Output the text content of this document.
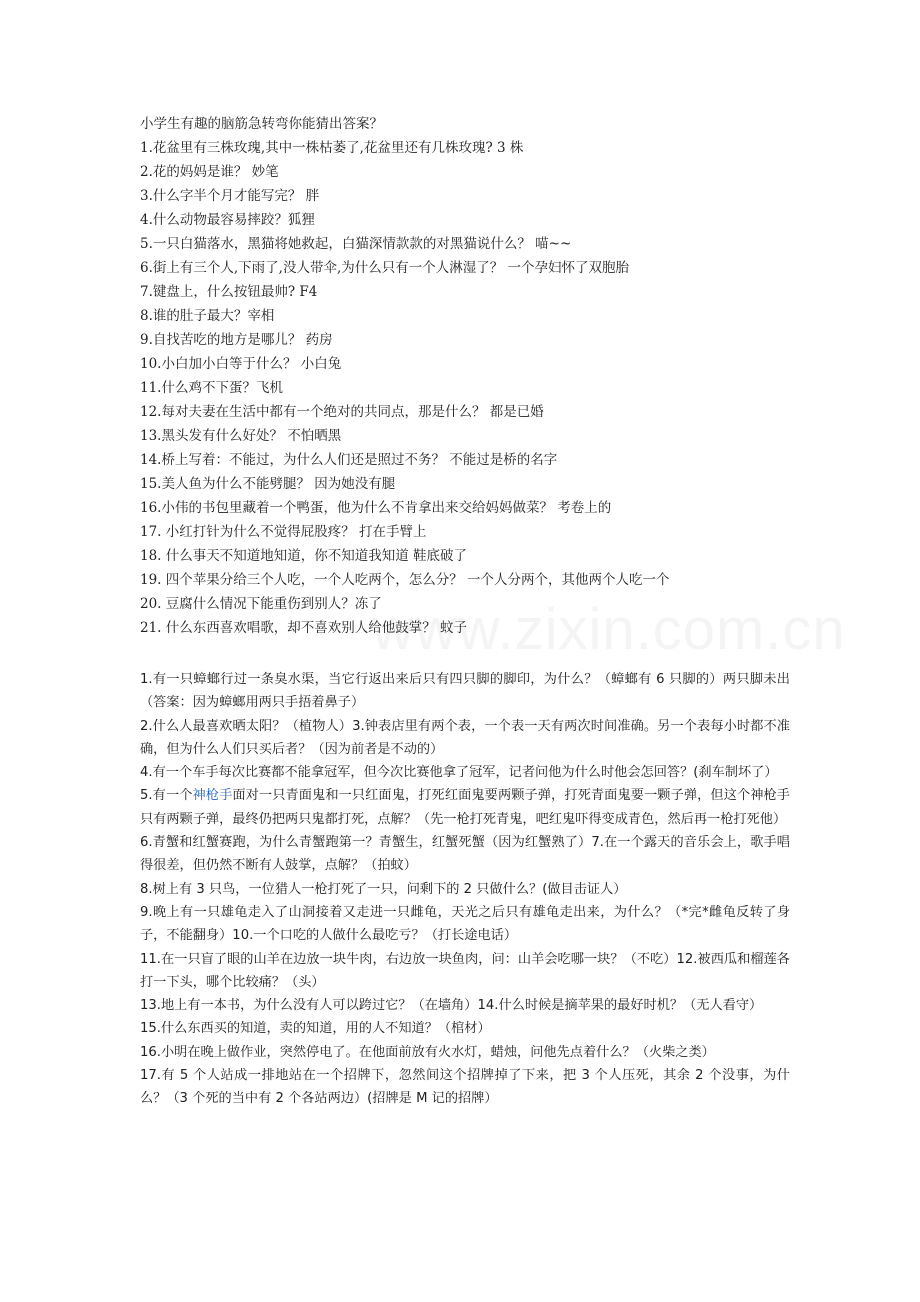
www.zixin.com.cn
小学生有趣的脑筋急转弯你能猜出答案？
1.花盆里有三株玫瑰,其中一株枯萎了,花盆里还有几株玫瑰? 3 株
2.花的妈妈是谁？ 妙笔
3.什么字半个月才能写完？ 胖
4.什么动物最容易摔跤？狐狸
5.一只白猫落水，黑猫将她救起，白猫深情款款的对黑猫说什么？ 喵~~
6.街上有三个人,下雨了,没人带伞,为什么只有一个人淋湿了？ 一个孕妇怀了双胞胎
7.键盘上，什么按钮最帅? F4
8.谁的肚子最大？宰相
9.自找苦吃的地方是哪儿？ 药房
10.小白加小白等于什么？ 小白兔
11.什么鸡不下蛋？飞机
12.每对夫妻在生活中都有一个绝对的共同点，那是什么？ 都是已婚
13.黑头发有什么好处？ 不怕晒黑
14.桥上写着：不能过，为什么人们还是照过不务？ 不能过是桥的名字
15.美人鱼为什么不能劈腿？ 因为她没有腿
16.小伟的书包里藏着一个鸭蛋，他为什么不肯拿出来交给妈妈做菜？ 考卷上的
17. 小红打针为什么不觉得屁股疼？ 打在手臂上
18. 什么事天不知道地知道，你不知道我知道 鞋底破了
19. 四个苹果分给三个人吃，一个人吃两个，怎么分？ 一个人分两个，其他两个人吃一个
20. 豆腐什么情况下能重伤到别人？冻了
21. 什么东西喜欢唱歌，却不喜欢别人给他鼓掌？ 蚊子
1.有一只蟑螂行过一条臭水渠，当它行返出来后只有四只脚的脚印，为什么？（蟑螂有 6 只脚的）两只脚未出（答案：因为蟑螂用两只手捂着鼻子）
2.什么人最喜欢晒太阳？（植物人）3.钟表店里有两个表，一个表一天有两次时间准确。另一个表每小时都不准确，但为什么人们只买后者？（因为前者是不动的）
4.有一个车手每次比赛都不能拿冠军，但今次比赛他拿了冠军，记者问他为什么时他会怎回答？(刹车制坏了）
5.有一个神枪手面对一只青面鬼和一只红面鬼，打死红面鬼要两颗子弹，打死青面鬼要一颗子弹，但这个神枪手只有两颗子弹，最终仍把两只鬼都打死，点解？（先一枪打死青鬼，吧红鬼吓得变成青色，然后再一枪打死他）
6.青蟹和红蟹赛跑，为什么青蟹跑第一？青蟹生，红蟹死蟹（因为红蟹熟了）7.在一个露天的音乐会上，歌手唱得很差，但仍然不断有人鼓掌，点解？（拍蚊）
8.树上有 3 只鸟，一位猎人一枪打死了一只，问剩下的 2 只做什么？(做目击证人）
9.晚上有一只雄龟走入了山洞接着又走进一只雌龟，天光之后只有雄龟走出来，为什么？（*完*雌龟反转了身子，不能翻身）10.一个口吃的人做什么最吃亏？（打长途电话）
11.在一只盲了眼的山羊在边放一块牛肉，右边放一块鱼肉，问：山羊会吃哪一块？（不吃）12.被西瓜和榴莲各打一下头，哪个比较痛？（头）
13.地上有一本书，为什么没有人可以跨过它？（在墙角）14.什么时候是摘苹果的最好时机？（无人看守）
15.什么东西买的知道，卖的知道，用的人不知道？（棺材）
16.小明在晚上做作业，突然停电了。在他面前放有火水灯，蜡烛，问他先点着什么？（火柴之类）
17.有 5 个人站成一排地站在一个招牌下，忽然间这个招牌掉了下来，把 3 个人压死，其余 2 个没事，为什么？（3 个死的当中有 2 个各站两边）(招牌是 M 记的招牌）
